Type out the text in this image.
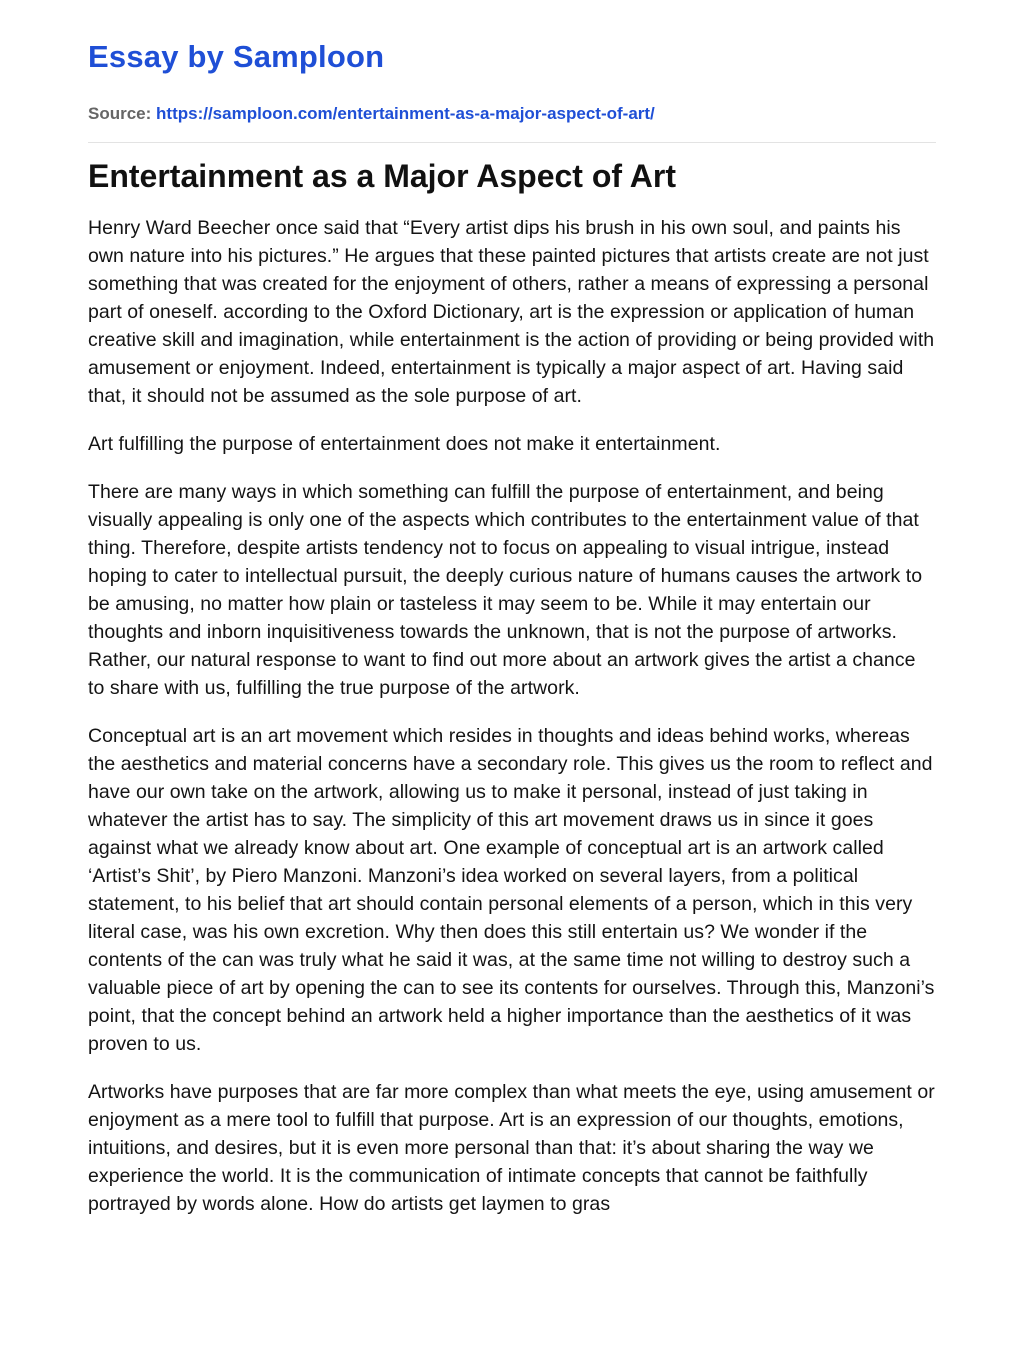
Essay by Samploon
Source: https://samploon.com/entertainment-as-a-major-aspect-of-art/
Entertainment as a Major Aspect of Art

Henry Ward Beecher once said that “Every artist dips his brush in his own soul, and paints his own nature into his pictures.” He argues that these painted pictures that artists create are not just something that was created for the enjoyment of others, rather a means of expressing a personal part of oneself. according to the Oxford Dictionary, art is the expression or application of human creative skill and imagination, while entertainment is the action of providing or being provided with amusement or enjoyment. Indeed, entertainment is typically a major aspect of art. Having said that, it should not be assumed as the sole purpose of art.

Art fulfilling the purpose of entertainment does not make it entertainment.

There are many ways in which something can fulfill the purpose of entertainment, and being visually appealing is only one of the aspects which contributes to the entertainment value of that thing. Therefore, despite artists tendency not to focus on appealing to visual intrigue, instead hoping to cater to intellectual pursuit, the deeply curious nature of humans causes the artwork to be amusing, no matter how plain or tasteless it may seem to be. While it may entertain our thoughts and inborn inquisitiveness towards the unknown, that is not the purpose of artworks. Rather, our natural response to want to find out more about an artwork gives the artist a chance to share with us, fulfilling the true purpose of the artwork.

Conceptual art is an art movement which resides in thoughts and ideas behind works, whereas the aesthetics and material concerns have a secondary role. This gives us the room to reflect and have our own take on the artwork, allowing us to make it personal, instead of just taking in whatever the artist has to say. The simplicity of this art movement draws us in since it goes against what we already know about art. One example of conceptual art is an artwork called ‘Artist’s Shit’, by Piero Manzoni. Manzoni’s idea worked on several layers, from a political statement, to his belief that art should contain personal elements of a person, which in this very literal case, was his own excretion. Why then does this still entertain us? We wonder if the contents of the can was truly what he said it was, at the same time not willing to destroy such a valuable piece of art by opening the can to see its contents for ourselves. Through this, Manzoni’s point, that the concept behind an artwork held a higher importance than the aesthetics of it was proven to us.

Artworks have purposes that are far more complex than what meets the eye, using amusement or enjoyment as a mere tool to fulfill that purpose. Art is an expression of our thoughts, emotions, intuitions, and desires, but it is even more personal than that: it’s about sharing the way we experience the world. It is the communication of intimate concepts that cannot be faithfully portrayed by words alone. How do artists get laymen to gras
